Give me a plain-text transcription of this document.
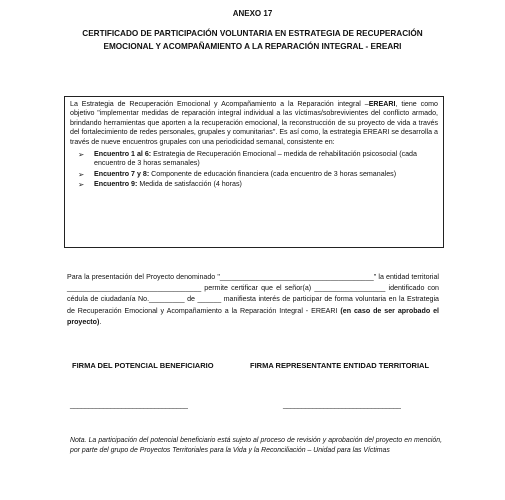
ANEXO 17
CERTIFICADO DE PARTICIPACIÓN VOLUNTARIA EN ESTRATEGIA DE RECUPERACIÓN
EMOCIONAL Y ACOMPAÑAMIENTO A LA REPARACIÓN INTEGRAL - EREARI

La Estrategia de Recuperación Emocional y Acompañamiento a la Reparación integral –EREARI, tiene como objetivo "implementar medidas de reparación integral individual a las víctimas/sobrevivientes del conflicto armado, brindando herramientas que aporten a la recuperación emocional, la reconstrucción de su proyecto de vida a través del fortalecimiento de redes personales, grupales y comunitarias". Es así como, la estrategia EREARI se desarrolla a través de nueve encuentros grupales con una periodicidad semanal, consistente en:

➢ Encuentro 1 al 6: Estrategia de Recuperación Emocional – medida de rehabilitación psicosocial (cada encuentro de 3 horas semanales)
➢ Encuentro 7 y 8: Componente de educación financiera (cada encuentro de 3 horas semanales)
➢ Encuentro 9: Medida de satisfacción (4 horas)
Para la presentación del Proyecto denominado "_______________________________________" la entidad territorial __________________________________ permite certificar que el señor(a) __________________ identificado con cédula de ciudadanía No._________ de ______ manifiesta interés de participar de forma voluntaria en la Estrategia de Recuperación Emocional y Acompañamiento a la Reparación Integral - EREARI (en caso de ser aprobado el proyecto).
FIRMA DEL POTENCIAL BENEFICIARIO	FIRMA REPRESENTANTE ENTIDAD TERRITORIAL
________________________________	________________________________
Nota. La participación del potencial beneficiario está sujeto al proceso de revisión y aprobación del proyecto en mención, por parte del grupo de Proyectos Territoriales para la Vida y la Reconciliación – Unidad para las Víctimas
